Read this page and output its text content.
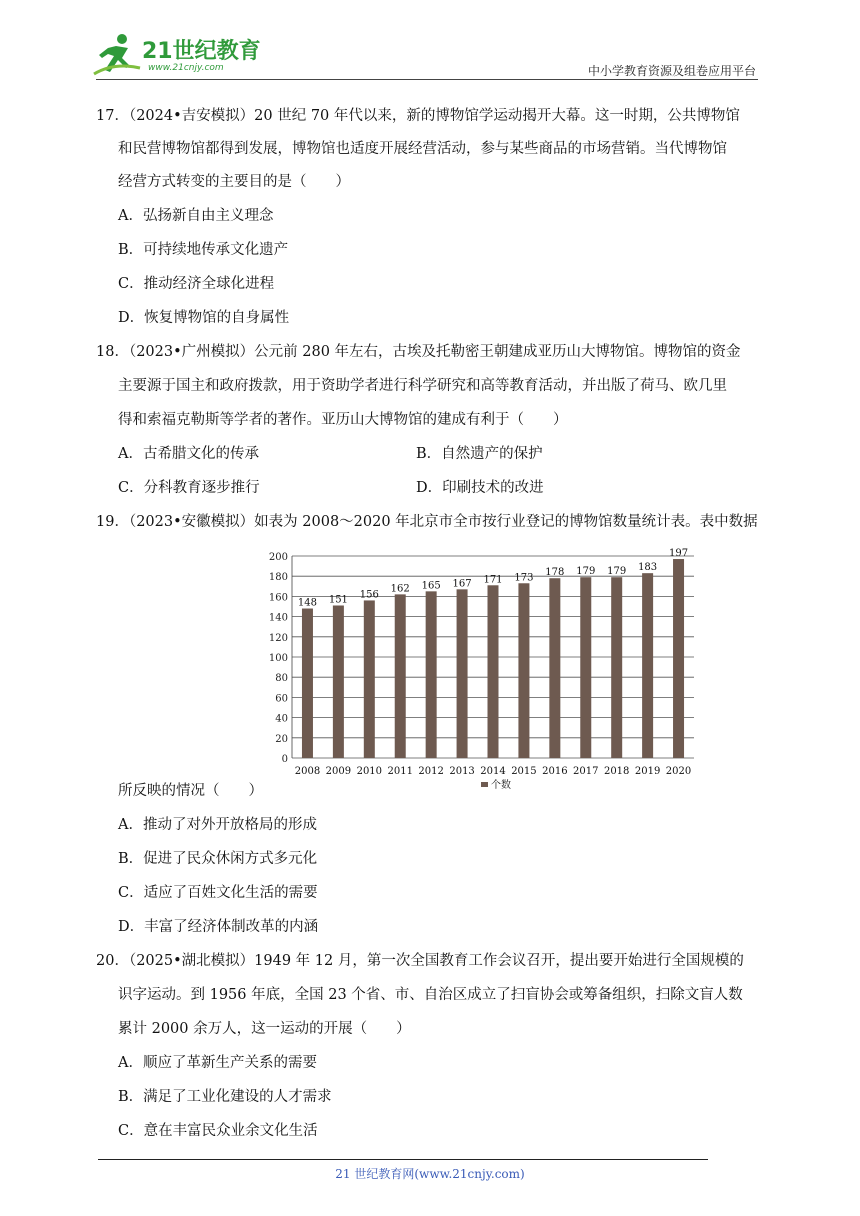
21世纪教育
www.21cnjy.com	中小学教育资源及组卷应用平台
17．（2024•吉安模拟）20 世纪 70 年代以来，新的博物馆学运动揭开大幕。这一时期，公共博物馆
和民营博物馆都得到发展，博物馆也适度开展经营活动，参与某些商品的市场营销。当代博物馆
经营方式转变的主要目的是（　　）
A．弘扬新自由主义理念
B．可持续地传承文化遗产
C．推动经济全球化进程
D．恢复博物馆的自身属性
18．（2023•广州模拟）公元前 280 年左右，古埃及托勒密王朝建成亚历山大博物馆。博物馆的资金
主要源于国主和政府拨款，用于资助学者进行科学研究和高等教育活动，并出版了荷马、欧几里
得和索福克勒斯等学者的著作。亚历山大博物馆的建成有利于（　　）
A．古希腊文化的传承	B．自然遗产的保护
C．分科教育逐步推行	D．印刷技术的改进
19．（2023•安徽模拟）如表为 2008～2020 年北京市全市按行业登记的博物馆数量统计表。表中数据
0
20
40
60
80
100
120
140
160
180
200
148
2008
151
2009
156
2010
162
2011
165
2012
167
2013
171
2014
173
2015
178
2016
179
2017
179
2018
183
2019
197
2020
个数
所反映的情况（　　）
A．推动了对外开放格局的形成
B．促进了民众休闲方式多元化
C．适应了百姓文化生活的需要
D．丰富了经济体制改革的内涵
20．（2025•湖北模拟）1949 年 12 月，第一次全国教育工作会议召开，提出要开始进行全国规模的
识字运动。到 1956 年底，全国 23 个省、市、自治区成立了扫盲协会或筹备组织，扫除文盲人数
累计 2000 余万人，这一运动的开展（　　）
A．顺应了革新生产关系的需要
B．满足了工业化建设的人才需求
C．意在丰富民众业余文化生活
21 世纪教育网(www.21cnjy.com)
